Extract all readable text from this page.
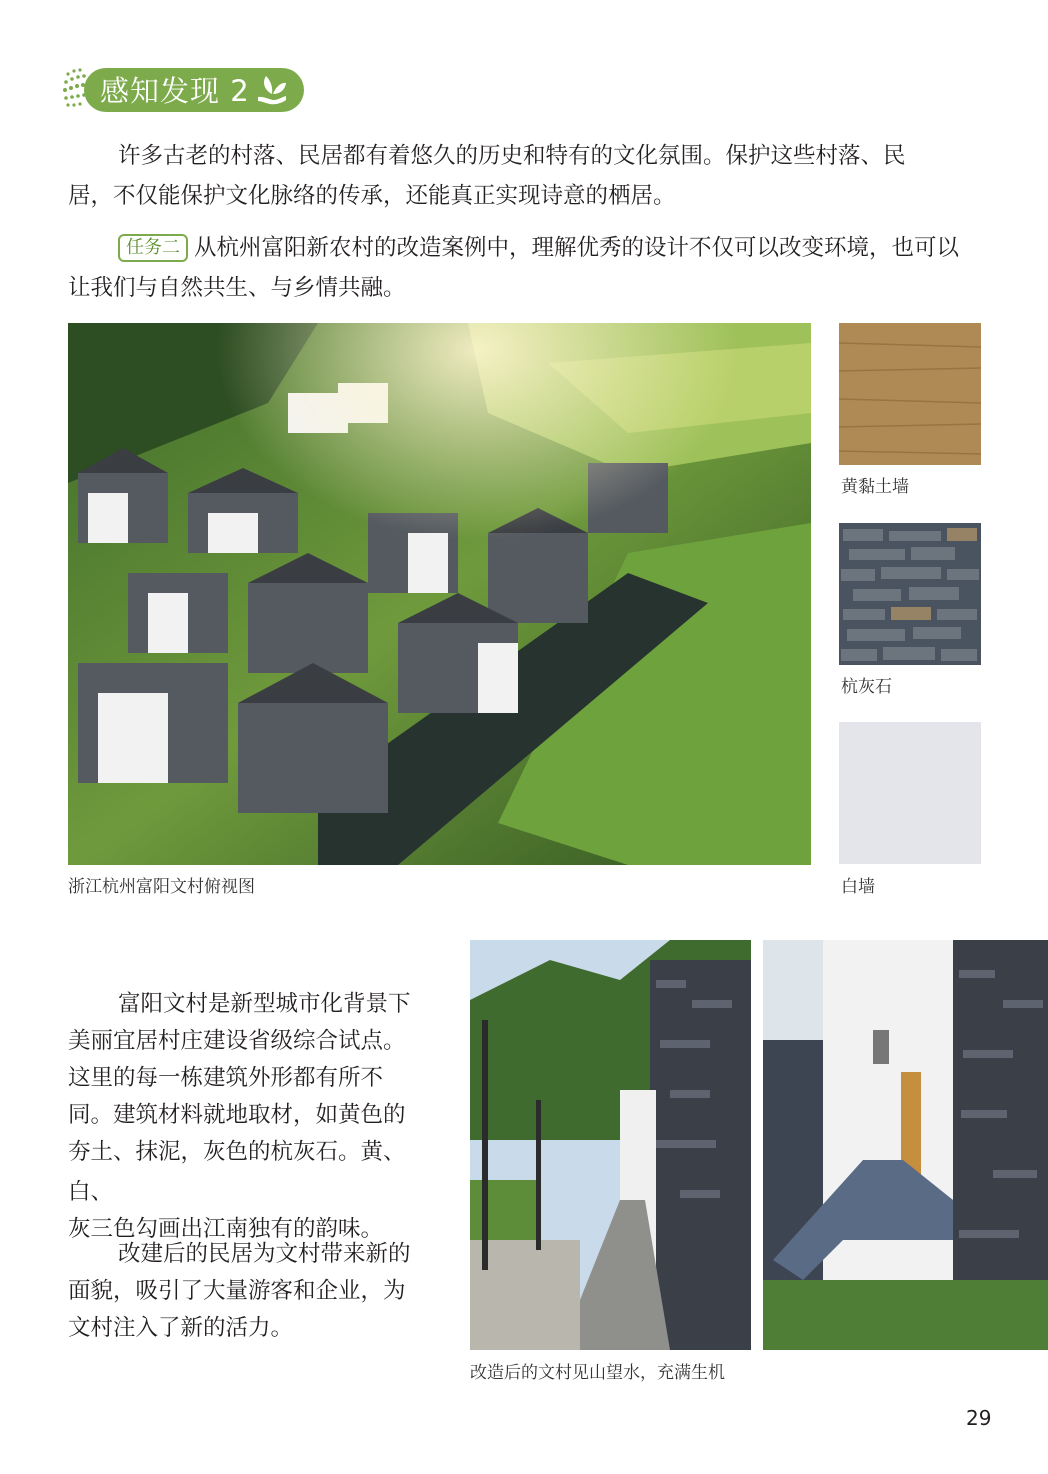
感知发现 2
许多古老的村落、民居都有着悠久的历史和特有的文化氛围。保护这些村落、民
居，不仅能保护文化脉络的传承，还能真正实现诗意的栖居。
任务二 从杭州富阳新农村的改造案例中，理解优秀的设计不仅可以改变环境，也可以
让我们与自然共生、与乡情共融。
浙江杭州富阳文村俯视图
黄黏土墙
杭灰石
白墙
富阳文村是新型城市化背景下
美丽宜居村庄建设省级综合试点。
这里的每一栋建筑外形都有所不
同。建筑材料就地取材，如黄色的
夯土、抹泥，灰色的杭灰石。黄、白、
灰三色勾画出江南独有的韵味。
改建后的民居为文村带来新的
面貌，吸引了大量游客和企业，为
文村注入了新的活力。
改造后的文村见山望水，充满生机
29
